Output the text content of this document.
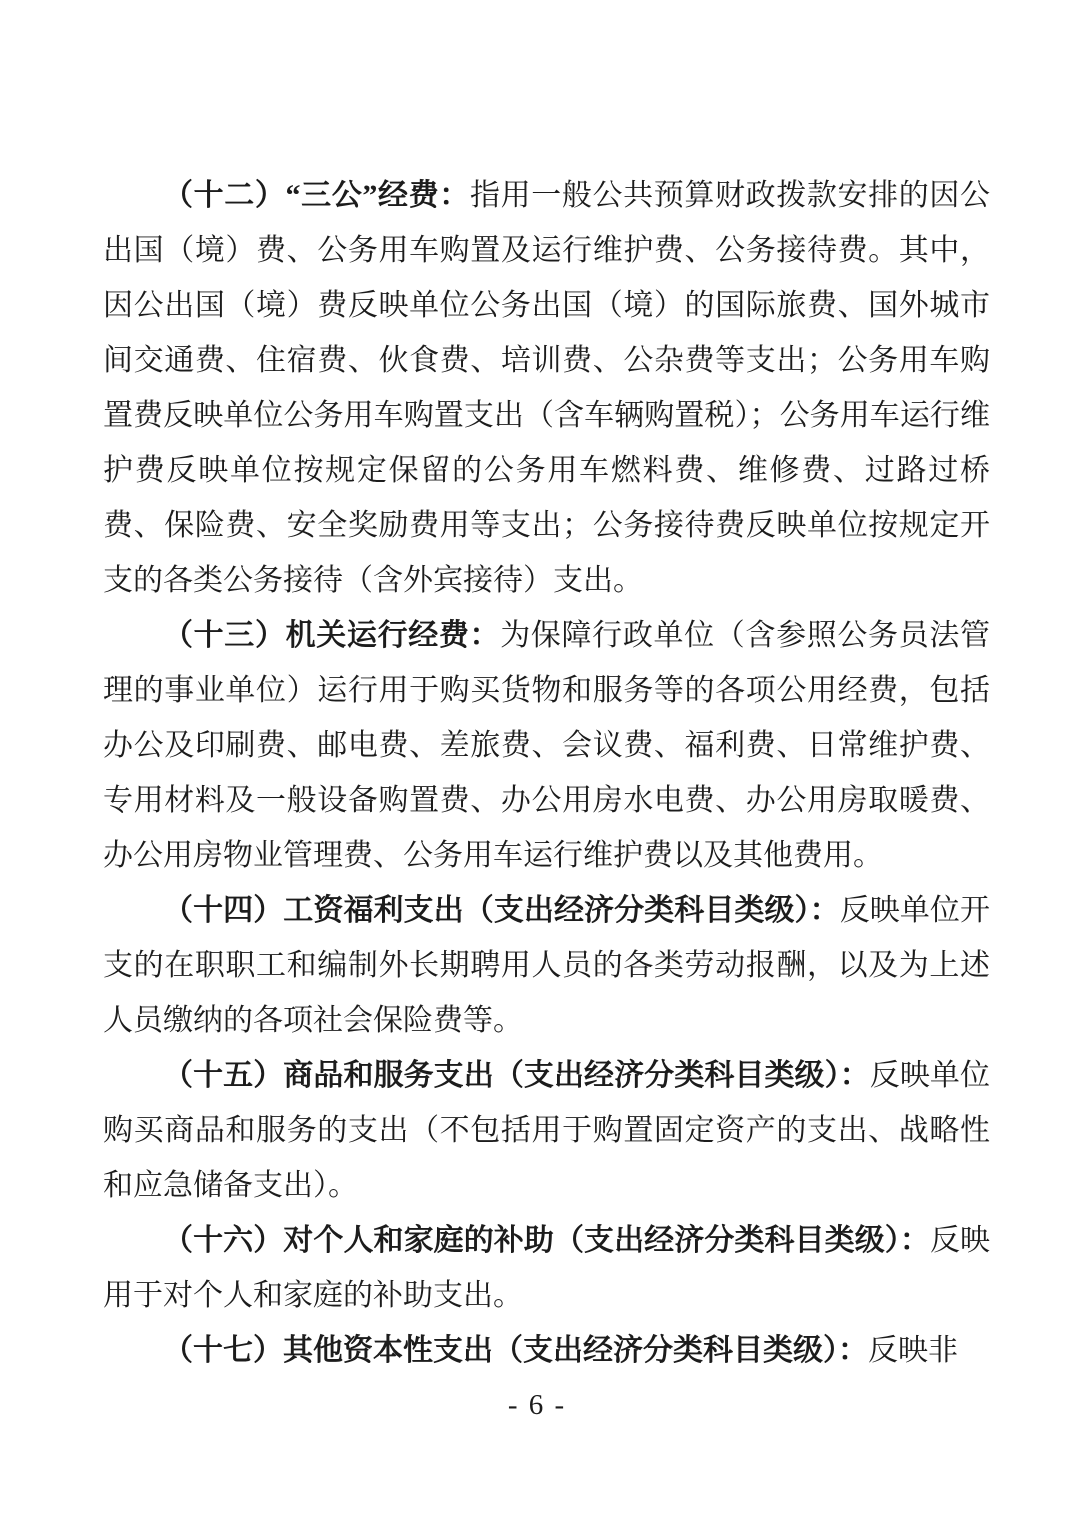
（十二）“三公”经费：指用一般公共预算财政拨款安排的因公出国（境）费、公务用车购置及运行维护费、公务接待费。其中，因公出国（境）费反映单位公务出国（境）的国际旅费、国外城市间交通费、住宿费、伙食费、培训费、公杂费等支出；公务用车购置费反映单位公务用车购置支出（含车辆购置税）；公务用车运行维护费反映单位按规定保留的公务用车燃料费、维修费、过路过桥费、保险费、安全奖励费用等支出；公务接待费反映单位按规定开支的各类公务接待（含外宾接待）支出。

（十三）机关运行经费：为保障行政单位（含参照公务员法管理的事业单位）运行用于购买货物和服务等的各项公用经费，包括办公及印刷费、邮电费、差旅费、会议费、福利费、日常维护费、专用材料及一般设备购置费、办公用房水电费、办公用房取暖费、办公用房物业管理费、公务用车运行维护费以及其他费用。

（十四）工资福利支出（支出经济分类科目类级）：反映单位开支的在职职工和编制外长期聘用人员的各类劳动报酬，以及为上述人员缴纳的各项社会保险费等。

（十五）商品和服务支出（支出经济分类科目类级）：反映单位购买商品和服务的支出（不包括用于购置固定资产的支出、战略性和应急储备支出）。

（十六）对个人和家庭的补助（支出经济分类科目类级）：反映用于对个人和家庭的补助支出。

（十七）其他资本性支出（支出经济分类科目类级）：反映非

- 6 -
